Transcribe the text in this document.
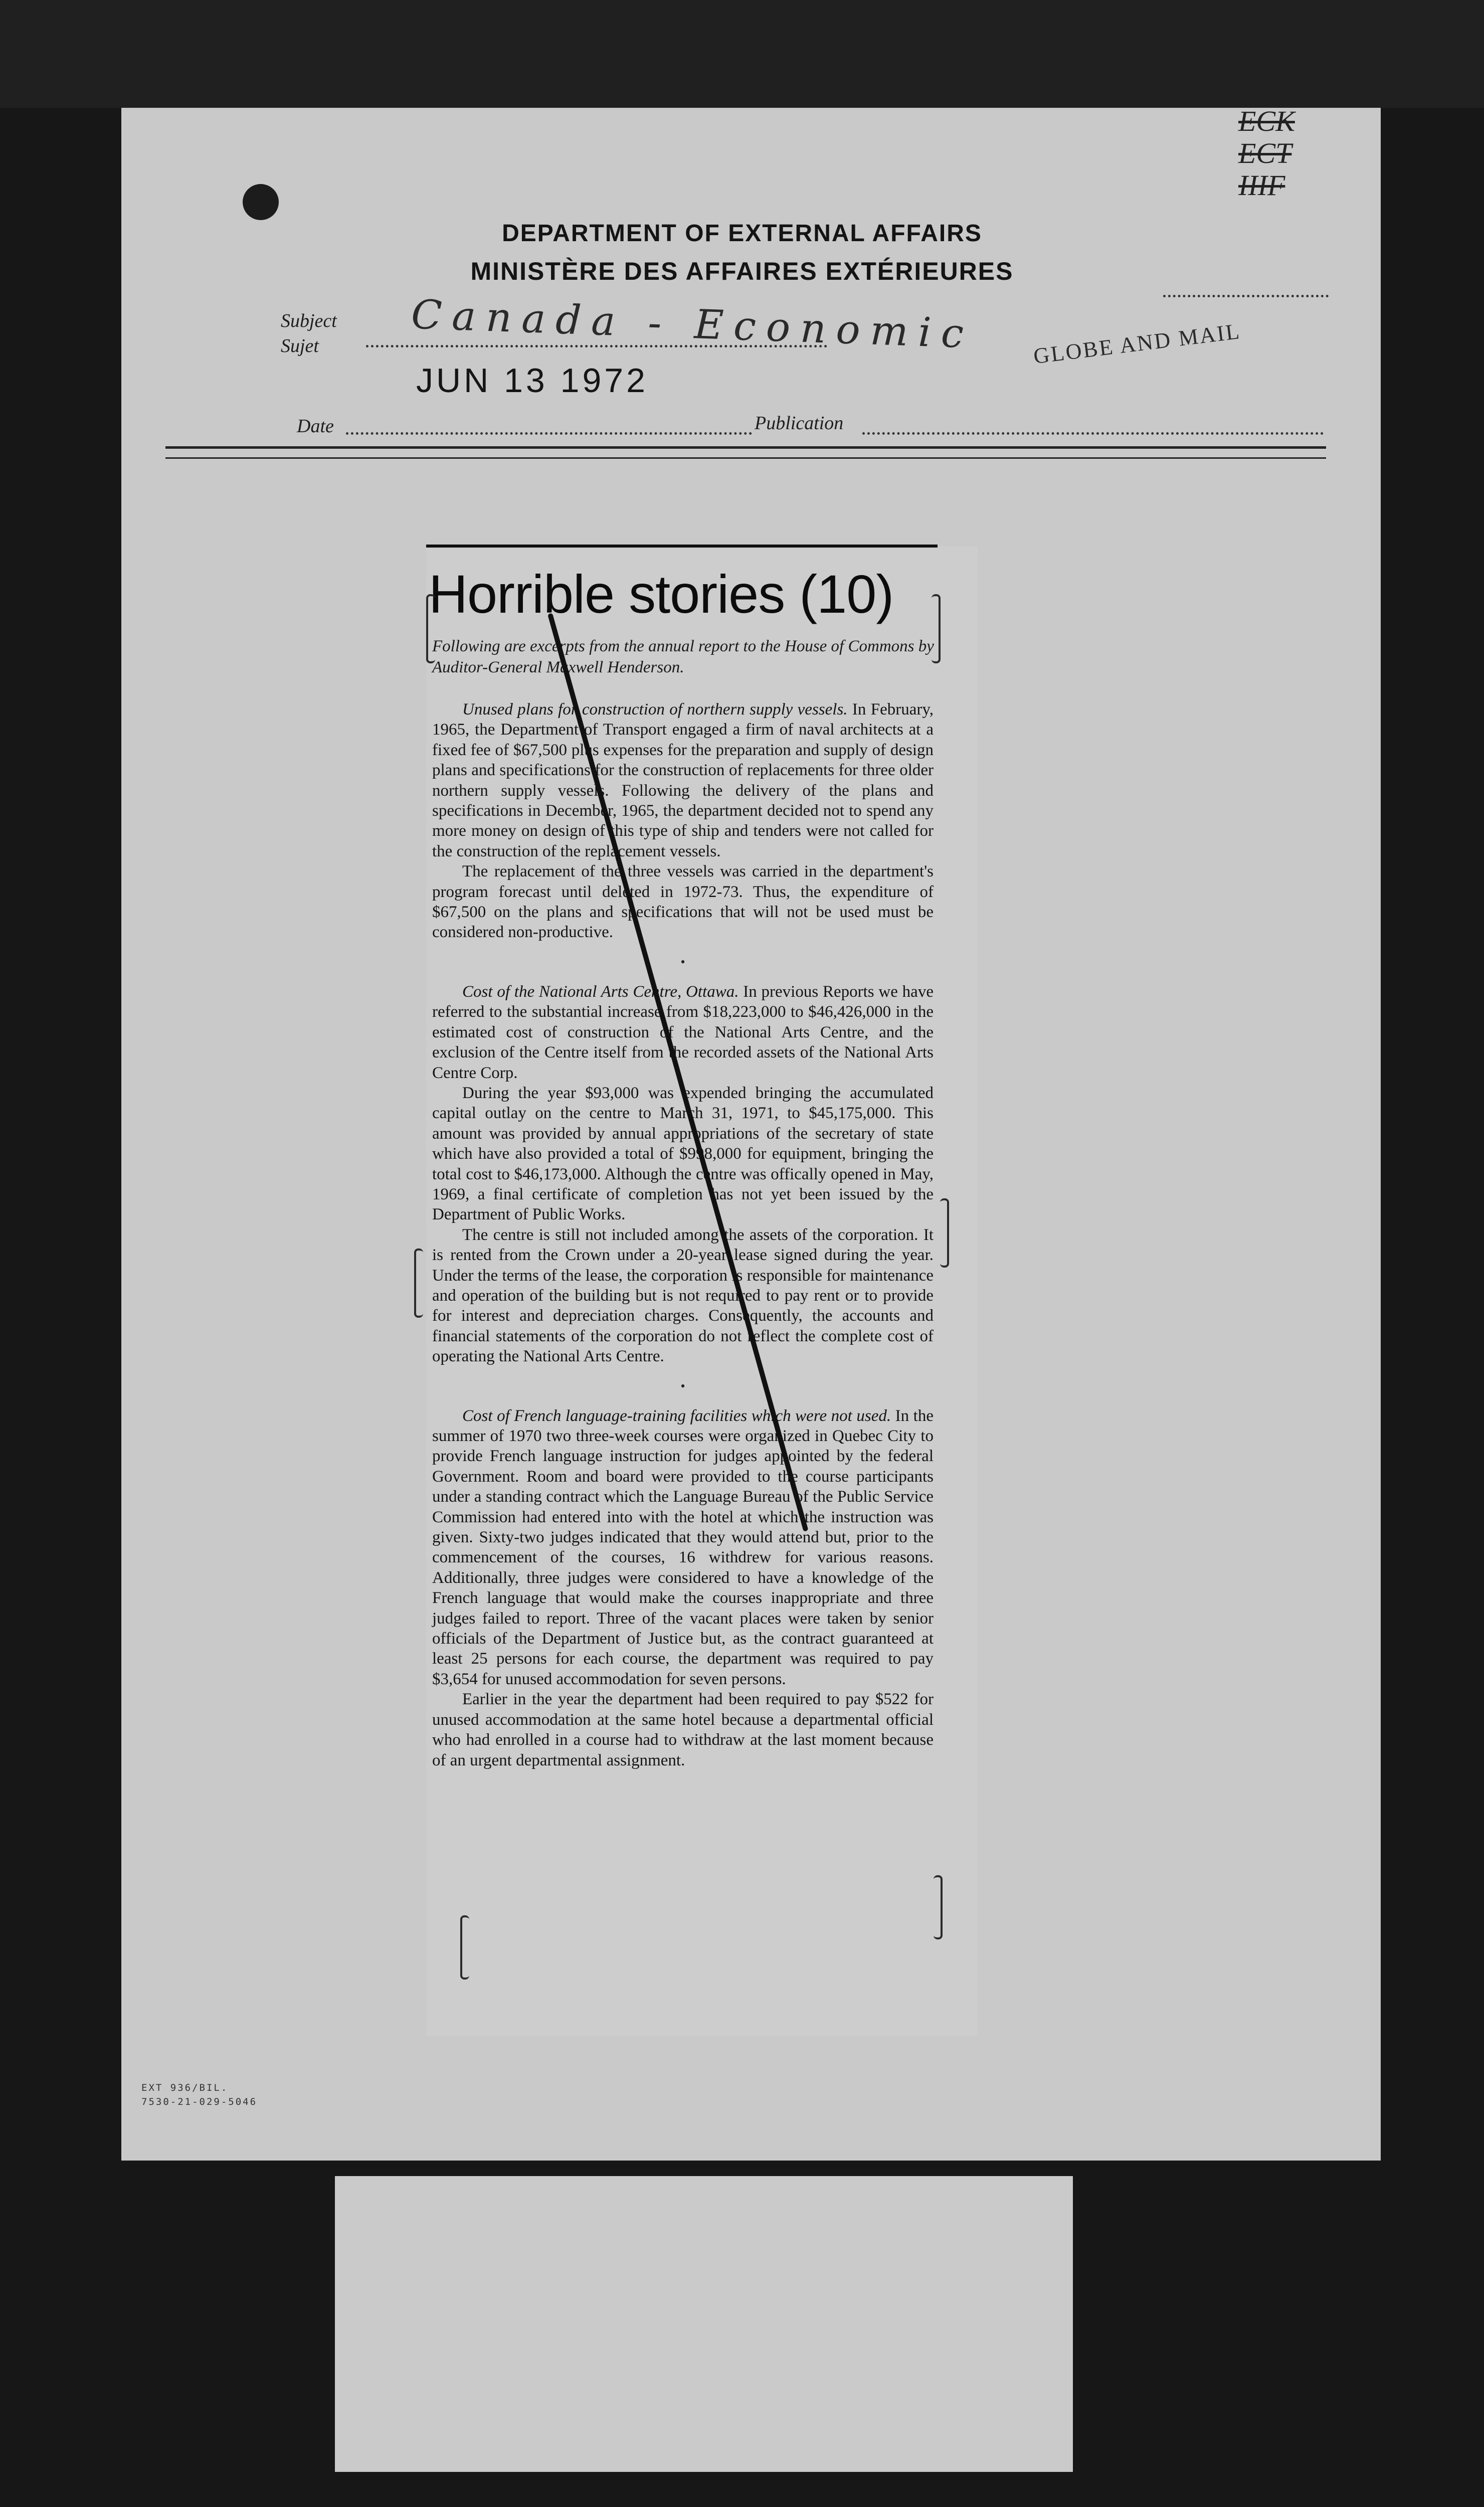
ECK
ECT
IIIF
DEPARTMENT OF EXTERNAL AFFAIRS
MINISTÈRE DES AFFAIRES EXTÉRIEURES
Subject
Sujet Canada - Economic
JUN 13 1972
GLOBE AND MAIL
Date	Publication
Horrible stories (10)
Following are excerpts from the annual report to the House of Commons by Auditor-General Maxwell Henderson.

Unused plans for construction of northern supply vessels. In February, 1965, the Department of Transport engaged a firm of naval architects at a fixed fee of $67,500 plus expenses for the preparation and supply of design plans and specifications for the construction of replacements for three older northern supply vessels. Following the delivery of the plans and specifications in December, 1965, the department decided not to spend any more money on design of this type of ship and tenders were not called for the construction of the replacement vessels.

The replacement of the three vessels was carried in the department's program forecast until deleted in 1972-73. Thus, the expenditure of $67,500 on the plans and specifications that will not be used must be considered non-productive.

•

Cost of the National Arts Centre, Ottawa. In previous Reports we have referred to the substantial increase from $18,223,000 to $46,426,000 in the estimated cost of construction of the National Arts Centre, and the exclusion of the Centre itself from the recorded assets of the National Arts Centre Corp.

During the year $93,000 was expended bringing the accumulated capital outlay on the centre to March 31, 1971, to $45,175,000. This amount was provided by annual appropriations of the secretary of state which have also provided a total of $998,000 for equipment, bringing the total cost to $46,173,000. Although the centre was offically opened in May, 1969, a final certificate of completion has not yet been issued by the Department of Public Works.

The centre is still not included among the assets of the corporation. It is rented from the Crown under a 20-year lease signed during the year. Under the terms of the lease, the corporation is responsible for maintenance and operation of the building but is not required to pay rent or to provide for interest and depreciation charges. Consequently, the accounts and financial statements of the corporation do not reflect the complete cost of operating the National Arts Centre.

•

Cost of French language-training facilities which were not used. In the summer of 1970 two three-week courses were organized in Quebec City to provide French language instruction for judges appointed by the federal Government. Room and board were provided to the course participants under a standing contract which the Language Bureau of the Public Service Commission had entered into with the hotel at which the instruction was given. Sixty-two judges indicated that they would attend but, prior to the commencement of the courses, 16 withdrew for various reasons. Additionally, three judges were considered to have a knowledge of the French language that would make the courses inappropriate and three judges failed to report. Three of the vacant places were taken by senior officials of the Department of Justice but, as the contract guaranteed at least 25 persons for each course, the department was required to pay $3,654 for unused accommodation for seven persons.

Earlier in the year the department had been required to pay $522 for unused accommodation at the same hotel because a departmental official who had enrolled in a course had to withdraw at the last moment because of an urgent departmental assignment.

EXT 936/BIL.
7530-21-029-5046
